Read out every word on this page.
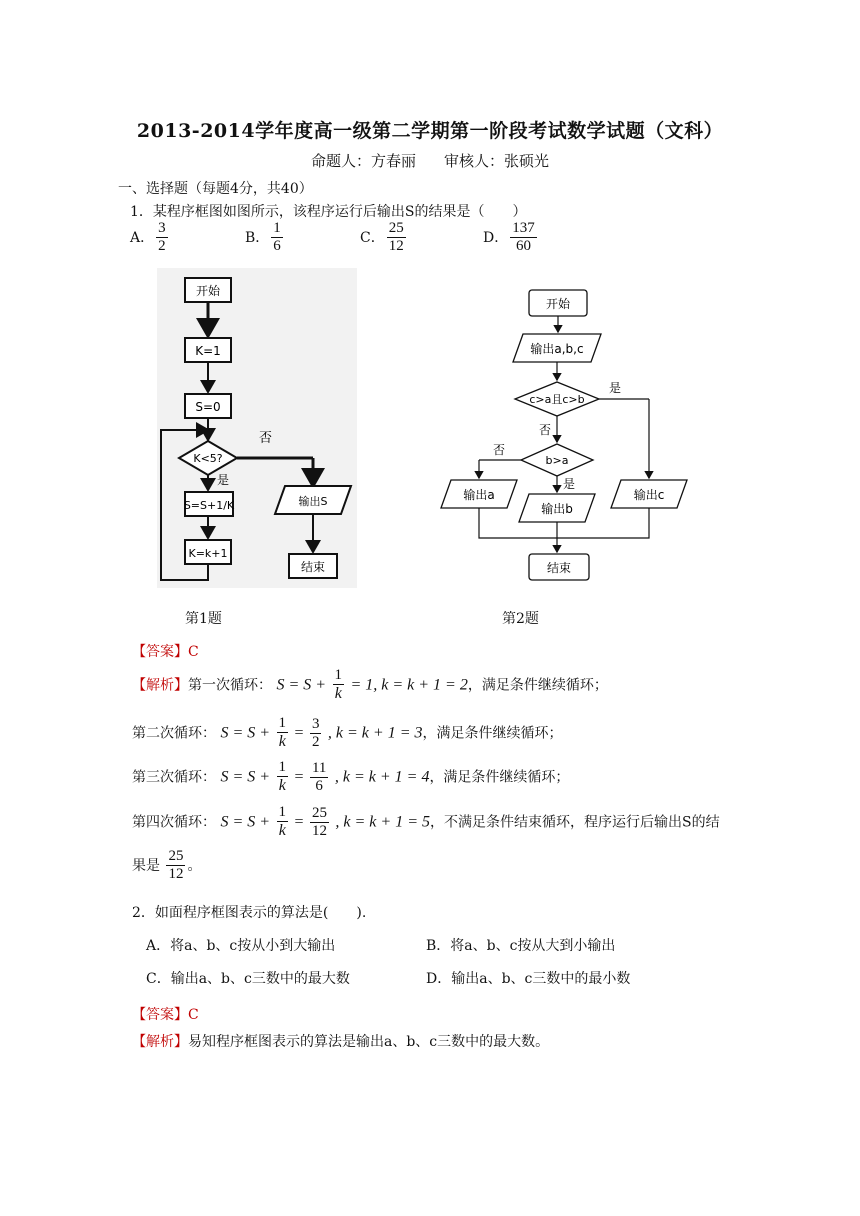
2013-2014学年度高一级第二学期第一阶段考试数学试题（文科）
命题人：方春丽 审核人：张硕光
一、选择题（每题4分，共40）
1．某程序框图如图所示，该程序运行后输出S的结果是（　　）
A． $\frac{3}{2}$	B． $\frac{1}{6}$	C． $\frac{25}{12}$	D． $\frac{137}{60}$
开始
K=1
S=0
K<5?
否
输出S
结束
是
S=S+1/K
K=k+1
第1题
开始
输出a,b,c
c>a且c>b
是
否
b>a
否
是
输出a
输出b
输出c
结束
第2题
【答案】C
【解析】第一次循环： $S = S + \frac{1}{k} = 1$, k = k + 1 = 2，满足条件继续循环；
第二次循环： $S = S + \frac{1}{k} = \frac{3}{2}$ , k = k + 1 = 3，满足条件继续循环；
第三次循环： $S = S + \frac{1}{k} = \frac{11}{6}$ , k = k + 1 = 4，满足条件继续循环；
第四次循环： $S = S + \frac{1}{k} = \frac{25}{12}$ , k = k + 1 = 5，不满足条件结束循环，程序运行后输出S的结
果是 $\frac{25}{12}$ 。
2．如面程序框图表示的算法是(　　).
A．将a、b、c按从小到大输出	B．将a、b、c按从大到小输出
C．输出a、b、c三数中的最大数	D．输出a、b、c三数中的最小数
【答案】C
【解析】易知程序框图表示的算法是输出a、b、c三数中的最大数。
